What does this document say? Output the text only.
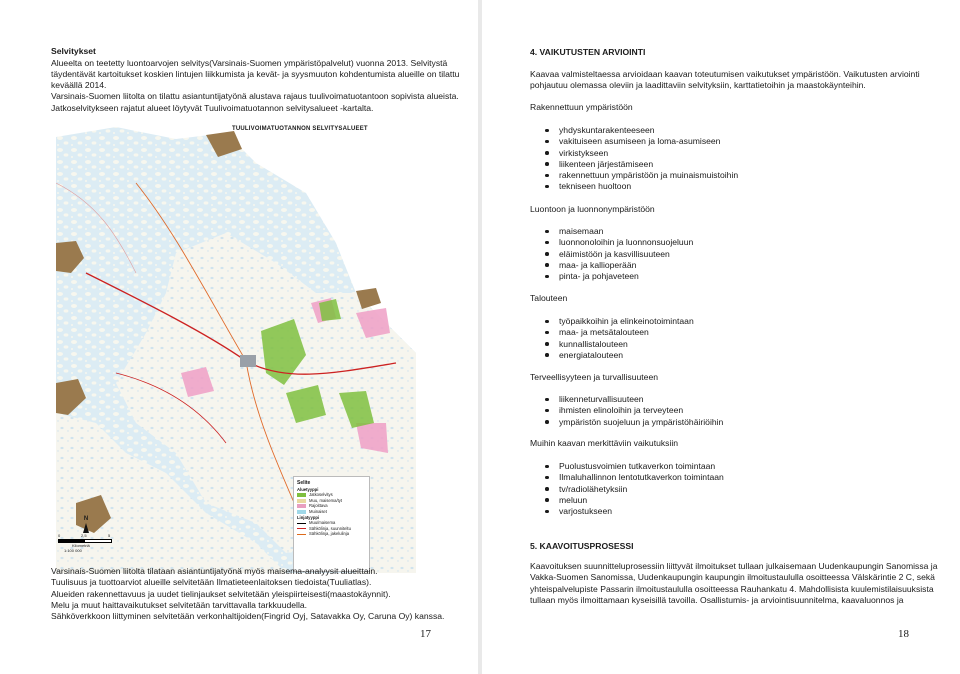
Selvitykset
Alueelta on teetetty luontoarvojen selvitys(Varsinais-Suomen ympäristöpalvelut) vuonna 2013. Selvitystä
täydentävät kartoitukset koskien lintujen liikkumista ja kevät- ja syysmuuton kohdentumista alueille on tilattu
keväällä 2014.
Varsinais-Suomen liitolta on tilattu asiantuntijatyönä alustava rajaus tuulivoimatuotantoon sopivista alueista.
Jatkoselvitykseen rajatut alueet löytyvät Tuulivoimatuotannon selvitysalueet -kartalta.
TUULIVOIMATUOTANNON SELVITYSALUEET
N
0	2,5	5
Kilometriä
1:100 000
Selite
Aluetyyppi
Jatkoselvitys
Muu, maisema/tyt
Rajoittava
Muinaiset
Linjatyyppi
Muu/maisema
Sähkölinja, suunniteltu
Sähkölinja, jakelulinja
Varsinais-Suomen liitolta tilataan asiantuntijatyönä myös maisema-analyysit alueittain.
Tuulisuus ja tuottoarviot alueille selvitetään Ilmatieteenlaitoksen tiedoista(Tuuliatlas).
Alueiden rakennettavuus ja uudet tielinjaukset selvitetään yleispiirteisesti(maastokäynnit).
Melu ja muut haittavaikutukset selvitetään tarvittavalla tarkkuudella.
Sähköverkkoon liittyminen selvitetään verkonhaltijoiden(Fingrid Oyj, Satavakka Oy, Caruna Oy) kanssa.
17
4. VAIKUTUSTEN ARVIOINTI
Kaavaa valmisteltaessa arvioidaan kaavan toteutumisen vaikutukset ympäristöön. Vaikutusten arviointi
pohjautuu olemassa oleviin ja laadittaviin selvityksiin, karttatietoihin ja maastokäynteihin.
Rakennettuun ympäristöön
yhdyskuntarakenteeseen
vakituiseen asumiseen ja loma-asumiseen
virkistykseen
liikenteen järjestämiseen
rakennettuun ympäristöön ja muinaismuistoihin
tekniseen huoltoon
Luontoon ja luonnonympäristöön
maisemaan
luonnonoloihin ja luonnonsuojeluun
eläimistöön ja kasvillisuuteen
maa- ja kallioperään
pinta- ja pohjaveteen
Talouteen
työpaikkoihin ja elinkeinotoimintaan
maa- ja metsätalouteen
kunnallistalouteen
energiatalouteen
Terveellisyyteen ja turvallisuuteen
liikenneturvallisuuteen
ihmisten elinoloihin ja terveyteen
ympäristön suojeluun ja ympäristöhäiriöihin
Muihin kaavan merkittäviin vaikutuksiin
Puolustusvoimien tutkaverkon toimintaan
Ilmaluhallinnon lentotutkaverkon toimintaan
tv/radiolähetyksiin
meluun
varjostukseen
5. KAAVOITUSPROSESSI
Kaavoituksen suunnitteluprosessiin liittyvät ilmoitukset tullaan julkaisemaan Uudenkaupungin Sanomissa ja
Vakka-Suomen Sanomissa, Uudenkaupungin kaupungin ilmoitustaululla osoitteessa Välskärintie 2 C, sekä
yhteispalvelupiste Passarin ilmoitustaululla osoitteessa Rauhankatu 4. Mahdollisista kuulemistilaisuuksista
tullaan myös ilmoittamaan kyseisillä tavoilla. Osallistumis- ja arviointisuunnitelma, kaavaluonnos ja
18
